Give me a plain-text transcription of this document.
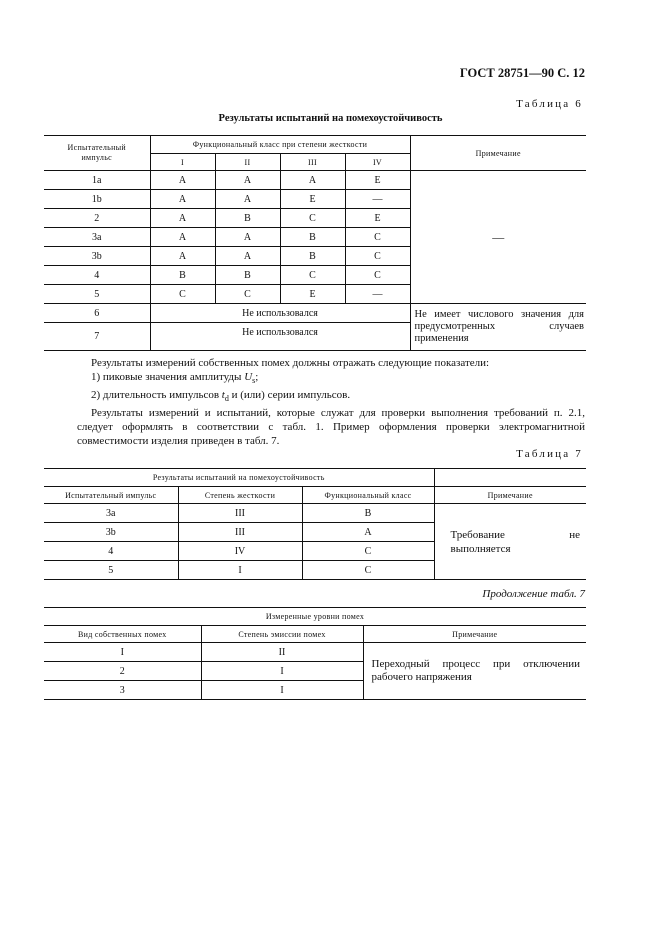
ГОСТ 28751—90 С. 12
Таблица 6
Результаты испытаний на помехоустойчивость
Испытательный импульс	Функциональный класс при степени жесткости				Примечание
	I	II	III	IV	
1a	A	A	A	E	—
1b	A	A	E	—	
2	A	B	C	E	
3a	A	A	B	C	
3b	A	A	B	C	
4	B	B	C	C	
5	C	C	E	—	
6	Не использовался				Не имеет числового значения для предусмотренных случаев применения
7	Не использовался				

Результаты измерений собственных помех должны отражать следующие показатели:

1) пиковые значения амплитуды $U_s$;

2) длительность импульсов $t_d$ и (или) серии импульсов.

Результаты измерений и испытаний, которые служат для проверки выполнения требований п. 2.1, следует оформлять в соответствии с табл. 1. Пример оформления проверки электромагнитной совместимости изделия приведен в табл. 7.

Таблица 7
Результаты испытаний на помехоустойчивость			
Испытательный импульс	Степень жесткости	Функциональный класс	Примечание
3a	III	B	Требование не выполняется
3b	III	A	
4	IV	C	
5	I	C	
Продолжение табл. 7
Измеренные уровни помех		
Вид собственных помех	Степень эмиссии помех	Примечание
I	II	Переходный процесс при отключении рабочего напряжения
2	I	
3	I	
